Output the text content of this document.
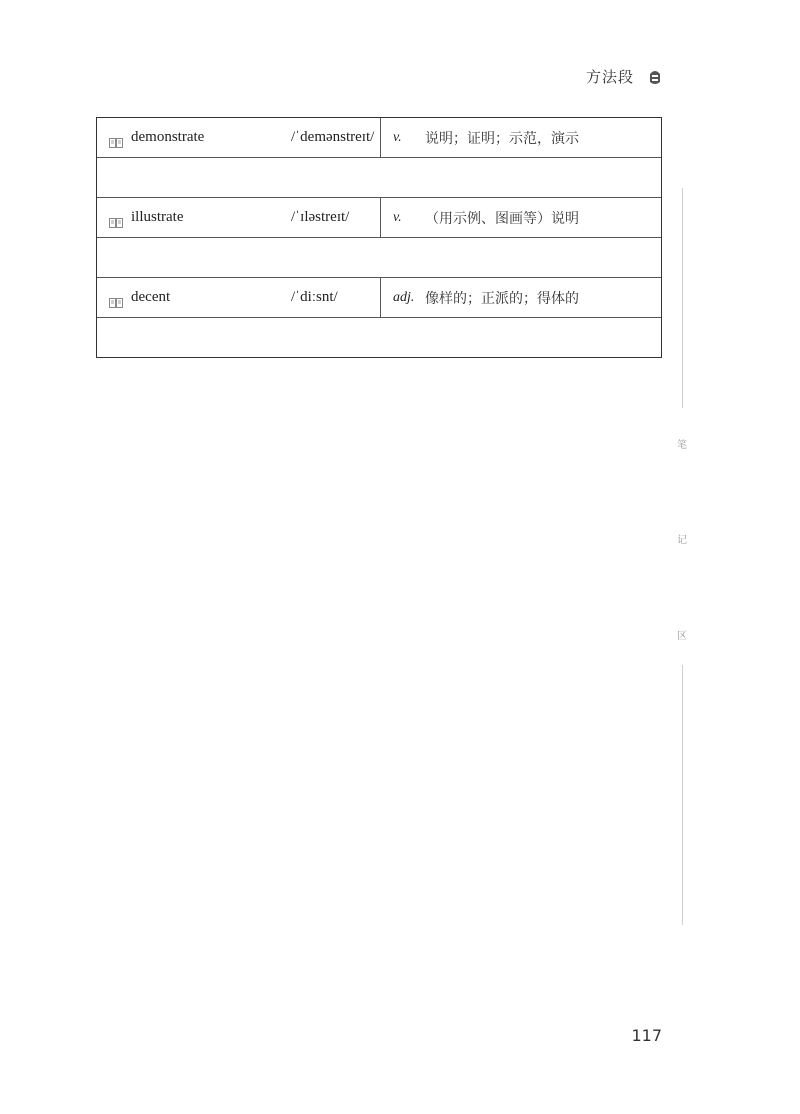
方法段
demonstrate	/ˈdemənstreɪt/ v.	说明；证明；示范，演示
illustrate	/ˈɪləstreɪt/	v.	（用示例、图画等）说明
decent	/ˈdiːsnt/	adj. 像样的；正派的；得体的
笔
记
区
117
